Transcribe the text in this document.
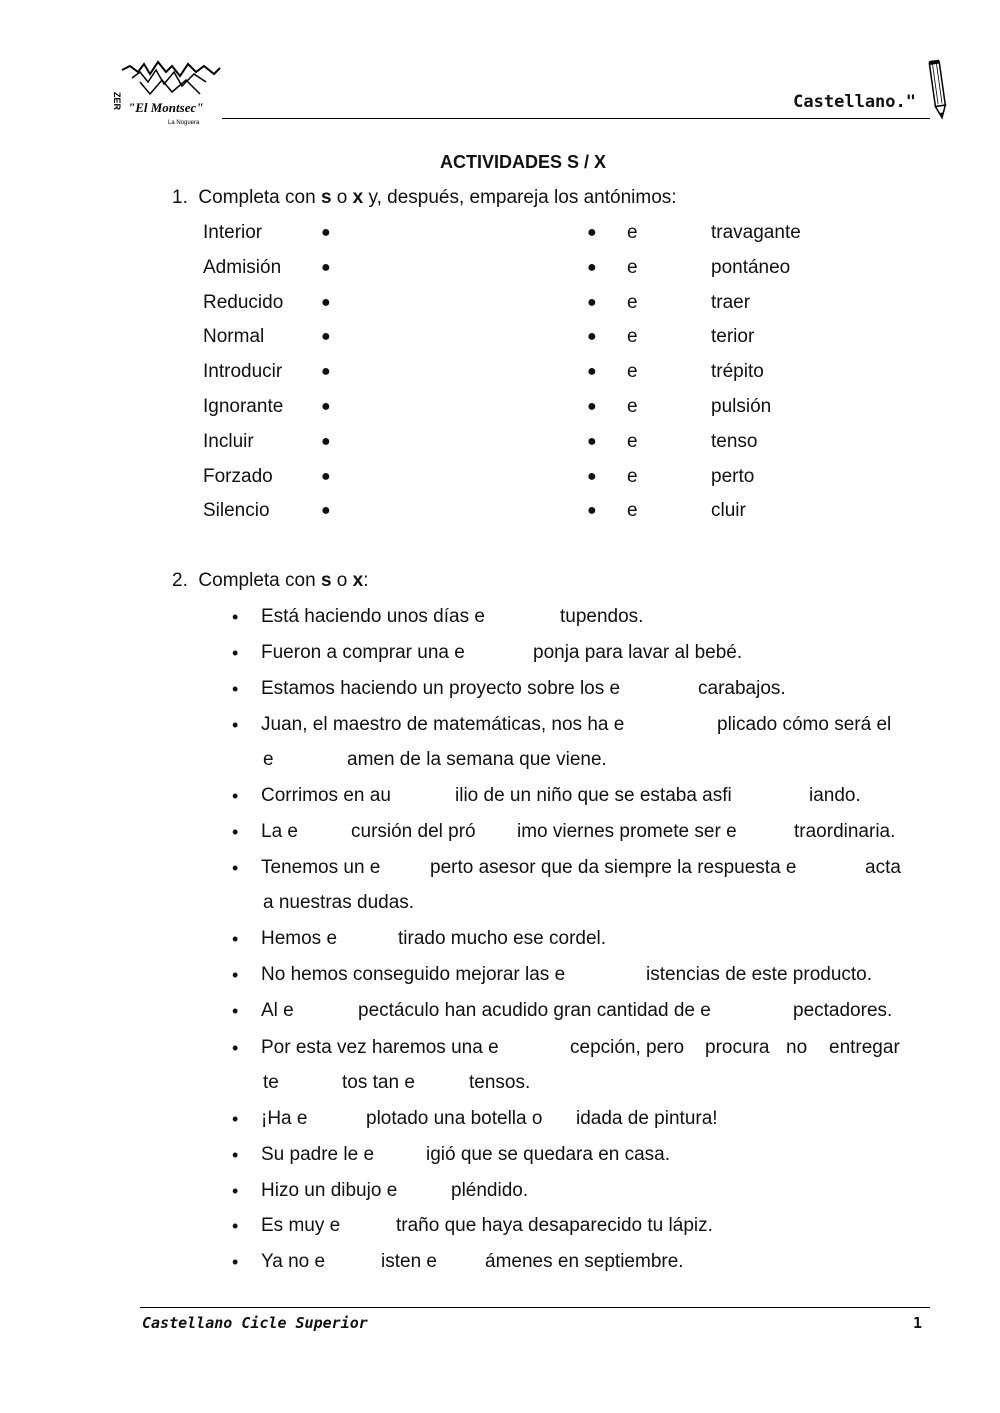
ZER "El Montsec"
La Noguera
Castellano."
ACTIVIDADES S / X
1. Completa con s o x y, después, empareja los antónimos:
Interior	●	● e	travagante
Admisión ●	● e	pontáneo
Reducido ●	● e	traer
Normal	●	● e	terior
Introducir ●	● e	trépito
Ignorante ●	● e	pulsión
Incluir	●	● e	tenso
Forzado	●	● e	perto
Silencio	●	● e	cluir
2. Completa con s o x:
• Está haciendo unos días e	tupendos.
• Fueron a comprar una e	ponja para lavar al bebé.
• Estamos haciendo un proyecto sobre los e	carabajos.
• Juan, el maestro de matemáticas, nos ha e	plicado cómo será el
e	amen de la semana que viene.
• Corrimos en au	ilio de un niño que se estaba asfi	iando.
• La e	cursión del pró imo viernes promete ser e	traordinaria.
• Tenemos un e	perto asesor que da siempre la respuesta e	acta
a nuestras dudas.
• Hemos e	tirado mucho ese cordel.
• No hemos conseguido mejorar las e	istencias de este producto.
• Al e	pectáculo han acudido gran cantidad de e	pectadores.
• Por esta vez haremos una e	cepción, pero procura no entregar
te	tos tan e	tensos.
• ¡Ha e	plotado una botella o idada de pintura!
• Su padre le e	igió que se quedara en casa.
• Hizo un dibujo e	pléndido.
• Es muy e	traño que haya desaparecido tu lápiz.
• Ya no e	isten e	ámenes en septiembre.
Castellano Cicle Superior	1
